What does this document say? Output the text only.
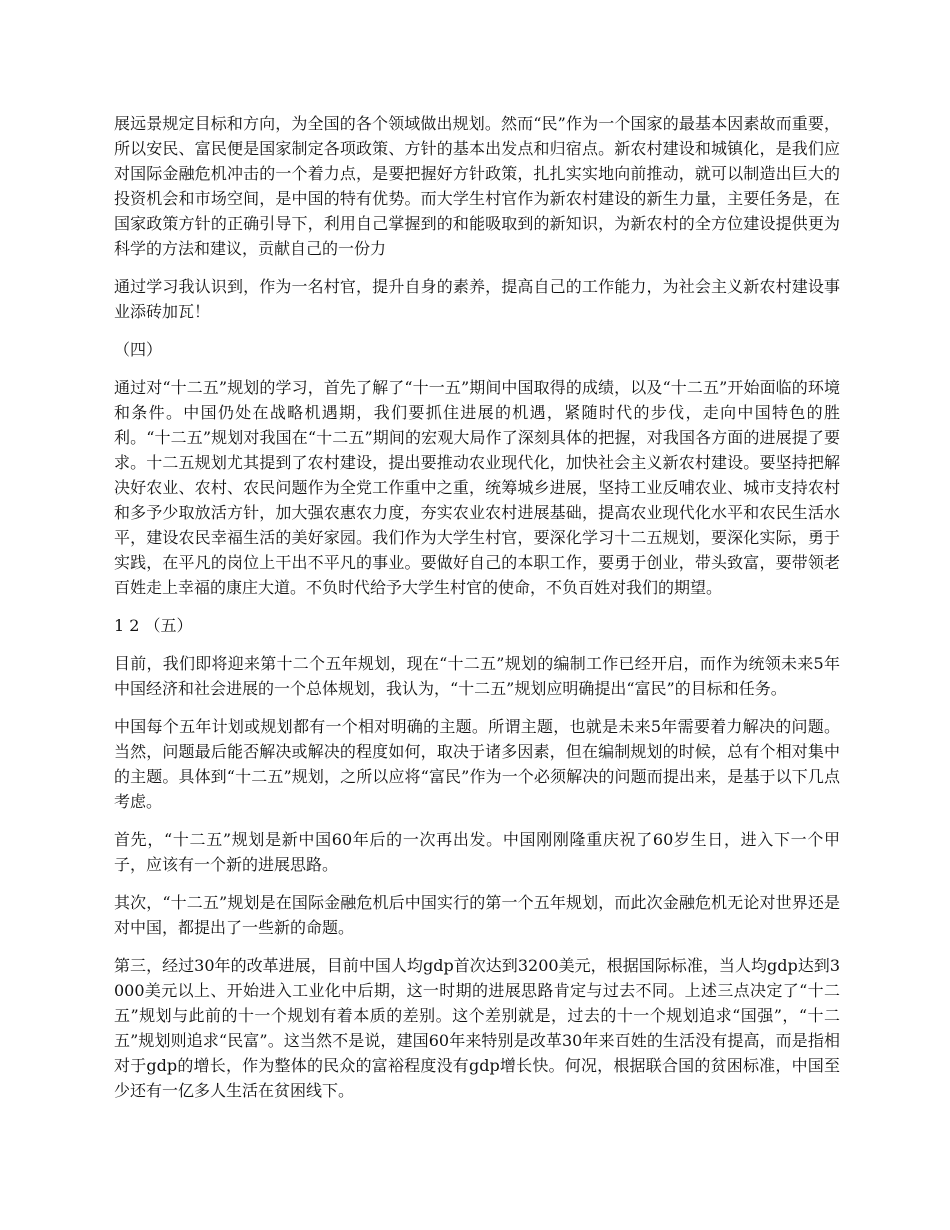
展远景规定目标和方向，为全国的各个领域做出规划。然而“民”作为一个国家的最基本因素故而重要，所以安民、富民便是国家制定各项政策、方针的基本出发点和归宿点。新农村建设和城镇化，是我们应对国际金融危机冲击的一个着力点，是要把握好方针政策，扎扎实实地向前推动，就可以制造出巨大的投资机会和市场空间，是中国的特有优势。而大学生村官作为新农村建设的新生力量，主要任务是，在国家政策方针的正确引导下，利用自己掌握到的和能吸取到的新知识，为新农村的全方位建设提供更为科学的方法和建议，贡献自己的一份力

通过学习我认识到，作为一名村官，提升自身的素养，提高自己的工作能力，为社会主义新农村建设事业添砖加瓦！

（四）

通过对“十二五”规划的学习，首先了解了“十一五”期间中国取得的成绩，以及“十二五”开始面临的环境和条件。中国仍处在战略机遇期，我们要抓住进展的机遇，紧随时代的步伐，走向中国特色的胜利。“十二五”规划对我国在“十二五”期间的宏观大局作了深刻具体的把握，对我国各方面的进展提了要求。十二五规划尤其提到了农村建设，提出要推动农业现代化，加快社会主义新农村建设。要坚持把解决好农业、农村、农民问题作为全党工作重中之重，统筹城乡进展，坚持工业反哺农业、城市支持农村和多予少取放活方针，加大强农惠农力度，夯实农业农村进展基础，提高农业现代化水平和农民生活水平，建设农民幸福生活的美好家园。我们作为大学生村官，要深化学习十二五规划，要深化实际，勇于实践，在平凡的岗位上干出不平凡的事业。要做好自己的本职工作，要勇于创业，带头致富，要带领老百姓走上幸福的康庄大道。不负时代给予大学生村官的使命，不负百姓对我们的期望。

1 2 （五）

目前，我们即将迎来第十二个五年规划，现在“十二五”规划的编制工作已经开启，而作为统领未来5年中国经济和社会进展的一个总体规划，我认为，“十二五”规划应明确提出“富民”的目标和任务。

中国每个五年计划或规划都有一个相对明确的主题。所谓主题，也就是未来5年需要着力解决的问题。当然，问题最后能否解决或解决的程度如何，取决于诸多因素，但在编制规划的时候，总有个相对集中的主题。具体到“十二五”规划，之所以应将“富民”作为一个必须解决的问题而提出来，是基于以下几点考虑。

首先，“十二五”规划是新中国60年后的一次再出发。中国刚刚隆重庆祝了60岁生日，进入下一个甲子，应该有一个新的进展思路。

其次，“十二五”规划是在国际金融危机后中国实行的第一个五年规划，而此次金融危机无论对世界还是对中国，都提出了一些新的命题。

第三，经过30年的改革进展，目前中国人均gdp首次达到3200美元，根据国际标准，当人均gdp达到3000美元以上、开始进入工业化中后期，这一时期的进展思路肯定与过去不同。上述三点决定了“十二五”规划与此前的十一个规划有着本质的差别。这个差别就是，过去的十一个规划追求“国强”，“十二五”规划则追求“民富”。这当然不是说，建国60年来特别是改革30年来百姓的生活没有提高，而是指相对于gdp的增长，作为整体的民众的富裕程度没有gdp增长快。何况，根据联合国的贫困标准，中国至少还有一亿多人生活在贫困线下。
